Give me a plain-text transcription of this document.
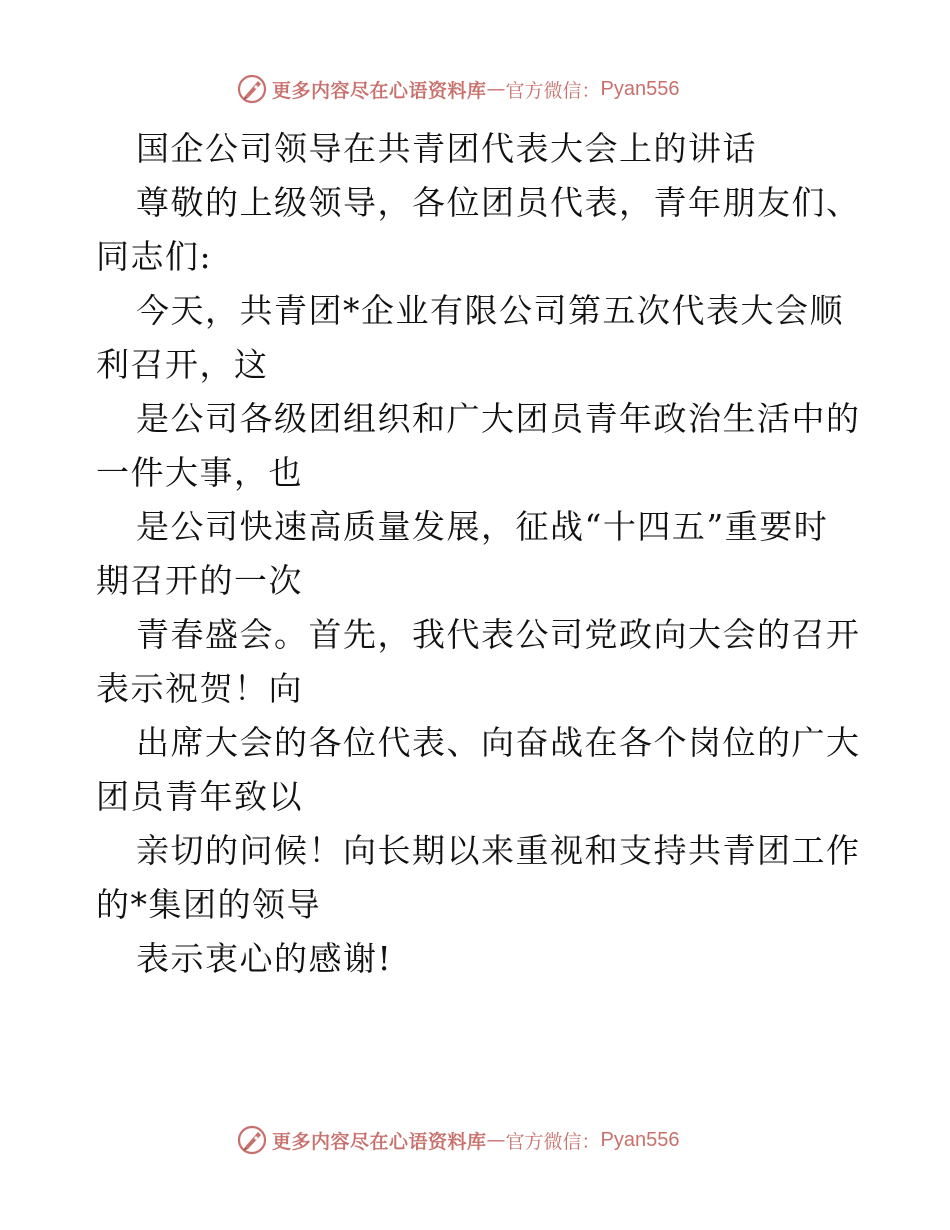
更多内容尽在心语资料库 — 官方微信： Pyan556
国企公司领导在共青团代表大会上的讲话
尊敬的上级领导，各位团员代表，青年朋友们、
同志们:
今天，共青团*企业有限公司第五次代表大会顺
利召开，这
是公司各级团组织和广大团员青年政治生活中的
一件大事，也
是公司快速高质量发展，征战“十四五”重要时
期召开的一次
青春盛会。首先，我代表公司党政向大会的召开
表示祝贺！向
出席大会的各位代表、向奋战在各个岗位的广大
团员青年致以
亲切的问候！向长期以来重视和支持共青团工作
的*集团的领导
表示衷心的感谢!
更多内容尽在心语资料库 — 官方微信： Pyan556
